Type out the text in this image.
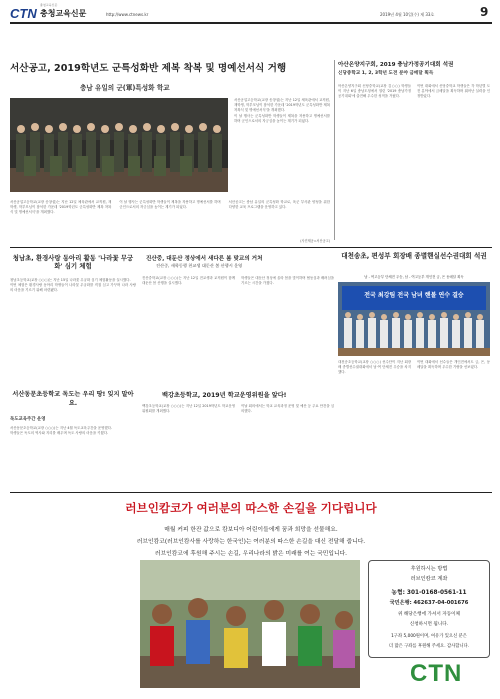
CTN 충청교육신문
충청교육신문
http://www.ctnews.kr	2019년 4월 10일(수) 제 33호	9
서산공고, 2019학년도 군특성화반 제복 착복 및 명예선서식 거행
충남 유일의 군(軍)특성화 학교

서산공업고등학교(교장 송창섭)는 지난 12일 체육관에서 교직원, 재학생, 학부모님이 참석한 가운데 '2019학년도 군특성화반 제복 착복식 및 명예선서식'을 개최했다.

이 날 행사는 군특성화반 학생들이 제복을 착용하고 명예선서를 하며 군인으로서의 자긍심을 높이는 계기가 되었다.

서산공업고등학교(교장 송창섭)는 지난 12일 체육관에서 교직원, 재학생, 학부모님이 참석한 가운데 '2019학년도 군특성화반 제복 착복식 및 명예선서식'을 개최했다.

이 날 행사는 군특성화반 학생들이 제복을 착용하고 명예선서를 하며 군인으로서의 자긍심을 높이는 계기가 되었다.

서산공고는 충남 유일의 군특성화 학교로, 육군 부사관 양성을 위한 다양한 교육 프로그램을 운영하고 있다.

(사진제공=서산공고)
아산온양지구회, 2019 충남가정공기대회 석권
신당중학교 1, 2, 3학년 도전 분야 금메달 획득

아산온양지구회 신당중학교(교장 김○○) 학생들이 지난 6일 충남도청에서 열린 '2019 충남가정공기대회'에 출전해 우수한 성적을 거뒀다.

이번 대회에서 신당중학교 학생들은 각 학년별 도전 분야에서 금메달을 획득하며 뛰어난 실력을 인정받았다.

청남초, 환경사랑 동아리 활동 '나라꽃 무궁화' 심기 체험

청남초등학교(교장 ○○○)는 지난 15일 나라꽃 무궁화 심기 체험활동을 실시했다.

이번 체험은 환경사랑 동아리 학생들이 나라꽃 무궁화를 직접 심고 가꾸며 나라 사랑의 마음을 기르기 위해 마련됐다.

진산중, 대둔산 정상에서 새다른 봄 맞교의 거처
진산중, 새학동행 천교생 대둔산 봄 산행시 운영

진산중학교(교장 ○○○)는 지난 12일 전교생과 교직원이 함께 대둔산 봄 산행을 실시했다.

학생들은 대둔산 정상에 올라 봄을 맞이하며 협동심과 배려심을 기르는 시간을 가졌다.

대천송초, 편성부 회장배 종별핸실선수권대회 석권
남 - 여고등부 단체전 우승, 남 - 여고등부 개인전 금, 은 동메달 획득
전국 최강팀 전국 남녀 핸볼 연수 결승

대천송초등학교(교장 ○○○) 선수단이 지난 회장배 종별선수권대회에서 남·여 단체전 우승을 차지했다.

이번 대회에서 선수들은 개인전에서도 금, 은, 동메달을 획득하며 우수한 기량을 선보였다.

백강초등학교, 2019년 학교운영위원을 앞다!

백강초등학교(교장 ○○○)는 지난 12일 2019학년도 학교운영위원회를 개최했다.

이날 회의에서는 학교 교육과정 운영 및 예산 등 주요 안건을 심의했다.

서산동문초등학교 독도는 우리 땅! 잊지 말아요.
독도교육주간 운영

서산동문초등학교(교장 ○○○)는 지난 4월 독도교육주간을 운영했다.

학생들은 독도의 역사와 지리를 배우며 독도 사랑의 마음을 키웠다.

러브인캄코가 여러분의 따스한 손길을 기다립니다
매월 커피 한잔 값으로 캄보디아 어린이들에게 꿈과 희망을 선물해요.
러브인캄코(러브인캄사를 사랑하는 한국인)는 여러분의 따스한 손길을 대신 전달해 줍니다.
러브인캄코에 후원해 주시는 손길, 우리나라의 밝은 미래를 여는 국민입니다.
후원하시는 방법
러브인캄코 계좌
농협: 301-0168-0561-11
국민은행: 462637-04-001676
위 해당은행에 가셔서 자동이체
신청하시면 됩니다.
1구좌 5,000원이며, 여유가 있으신 분은
더 많은 구좌를 후원해 주세요. 감사합니다.
CTN
